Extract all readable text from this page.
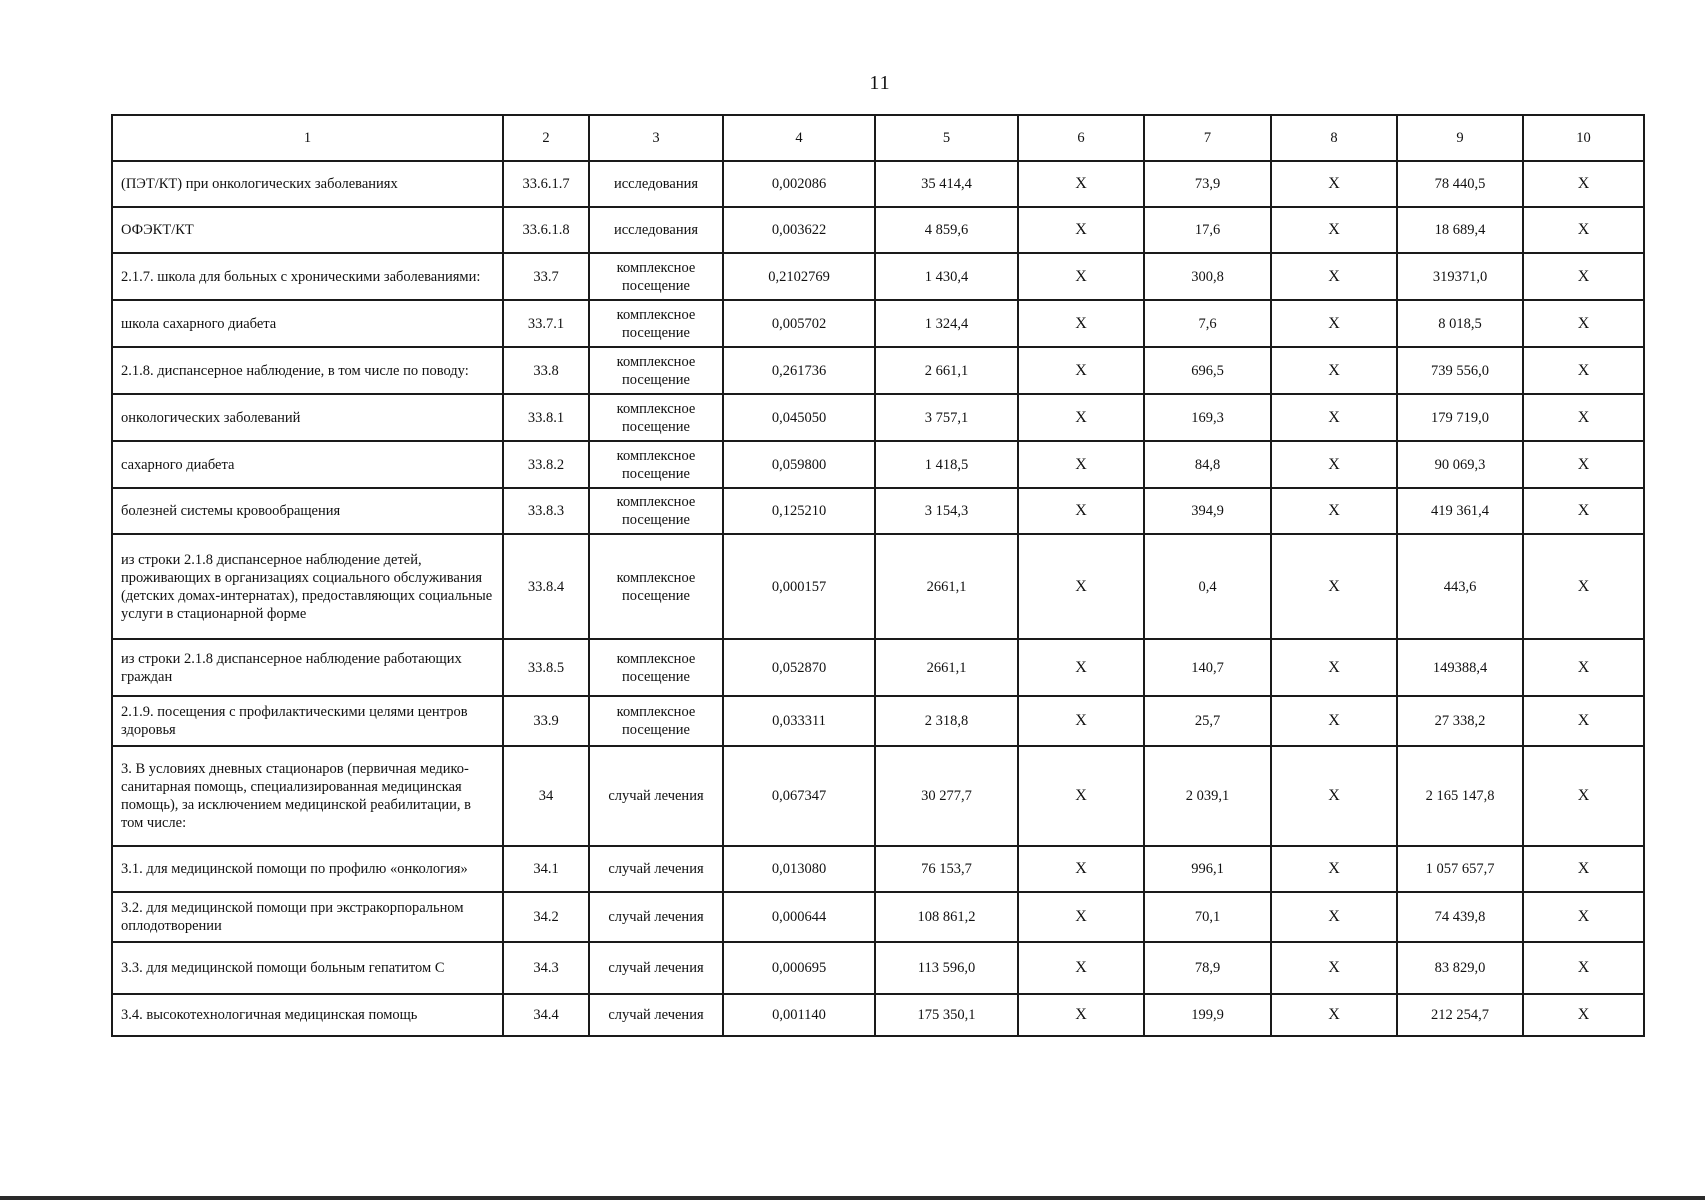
11
1	2	3	4	5	6	7	8	9	10
(ПЭТ/КТ) при онкологических заболеваниях	33.6.1.7	исследования	0,002086	35 414,4	Х	73,9	Х	78 440,5	Х
ОФЭКТ/КТ	33.6.1.8	исследования	0,003622	4 859,6	Х	17,6	Х	18 689,4	Х
2.1.7. школа для больных с хроническими заболеваниями:	33.7	комплексное посещение	0,2102769	1 430,4	Х	300,8	Х	319371,0	Х
школа сахарного диабета	33.7.1	комплексное посещение	0,005702	1 324,4	Х	7,6	Х	8 018,5	Х
2.1.8. диспансерное наблюдение, в том числе по поводу:	33.8	комплексное посещение	0,261736	2 661,1	Х	696,5	Х	739 556,0	Х
онкологических заболеваний	33.8.1	комплексное посещение	0,045050	3 757,1	Х	169,3	Х	179 719,0	Х
сахарного диабета	33.8.2	комплексное посещение	0,059800	1 418,5	Х	84,8	Х	90 069,3	Х
болезней системы кровообращения	33.8.3	комплексное посещение	0,125210	3 154,3	Х	394,9	Х	419 361,4	Х
из строки 2.1.8 диспансерное наблюдение детей, проживающих в организациях социального обслуживания (детских домах-интернатах), предоставляющих социальные услуги в стационарной форме	33.8.4	комплексное посещение	0,000157	2661,1	Х	0,4	Х	443,6	Х
из строки 2.1.8 диспансерное наблюдение работающих граждан	33.8.5	комплексное посещение	0,052870	2661,1	Х	140,7	Х	149388,4	Х
2.1.9. посещения с профилактическими целями центров здоровья	33.9	комплексное посещение	0,033311	2 318,8	Х	25,7	Х	27 338,2	Х
3. В условиях дневных стационаров (первичная медико-санитарная помощь, специализированная медицинская помощь), за исключением медицинской реабилитации, в том числе:	34	случай лечения	0,067347	30 277,7	Х	2 039,1	Х	2 165 147,8	Х
3.1. для медицинской помощи по профилю «онкология»	34.1	случай лечения	0,013080	76 153,7	Х	996,1	Х	1 057 657,7	Х
3.2. для медицинской помощи при экстракорпоральном оплодотворении	34.2	случай лечения	0,000644	108 861,2	Х	70,1	Х	74 439,8	Х
3.3. для медицинской помощи больным гепатитом С	34.3	случай лечения	0,000695	113 596,0	Х	78,9	Х	83 829,0	Х
3.4. высокотехнологичная медицинская помощь	34.4	случай лечения	0,001140	175 350,1	Х	199,9	Х	212 254,7	Х
